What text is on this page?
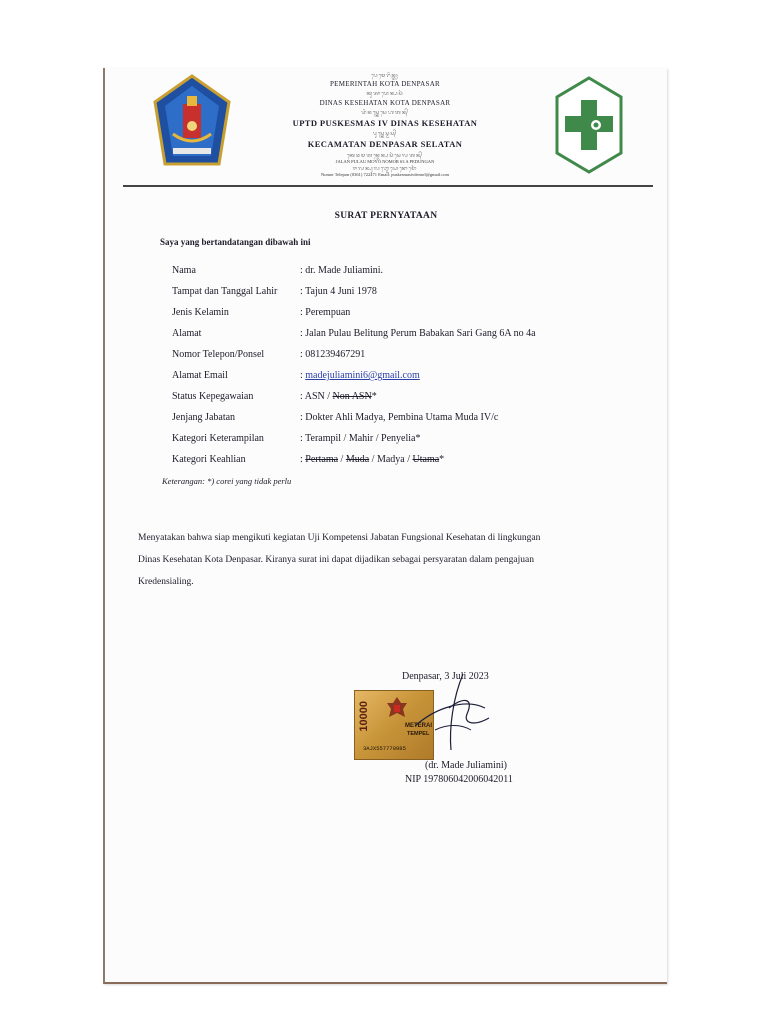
ᬧᬾᬫᬾᬭᬶᬦ᭄ᬢᬄ
PEMERINTAH KOTA DENPASAR
ᬓᬸᬢᬵᬤᬾᬦ᭄ᬧᬲᬃ
DINAS KESEHATAN KOTA DENPASAR
ᬤᬶᬦᬲ᭄ᬓᬾᬲᬾᬳᬢᬦ᭄
UPTD PUSKESMAS IV DINAS KESEHATAN
ᬧᬸᬲ᭄ᬓᬾᬲ᭄ᬫᬲ᭄
KECAMATAN DENPASAR SELATAN
ᬓᬾᬘᬫᬢᬦ᭄ᬤᬾᬦ᭄ᬧᬲᬃᬲᬾᬮᬢᬦ᭄
JALAN PULAU MOYO NOMOR 63 A PEDUNGAN
ᬚᬮᬦ᭄ᬧᬸᬮᬯ᭄ᬫᭀᬬᭀᬦᭀᬫᭀᬃ
Nomor Telepon (0361) 722471 Email: puskesmasivdensel@gmail.com
SURAT PERNYATAAN
Saya yang bertandatangan dibawah ini
Nama	: dr. Made Juliamini.
Tampat dan Tanggal Lahir : Tajun 4 Juni 1978
Jenis Kelamin	: Perempuan
Alamat	: Jalan Pulau Belitung Perum Babakan Sari Gang 6A no 4a
Nomor Telepon/Ponsel	: 081239467291
Alamat Email	: madejuliamini6@gmail.com
Status Kepegawaian	: ASN / Non ASN*
Jenjang Jabatan	: Dokter Ahli Madya, Pembina Utama Muda IV/c
Kategori Keterampilan	: Terampil / Mahir / Penyelia*
Kategori Keahlian	: Pertama / Muda / Madya / Utama*
Keterangan: *) corei yang tidak perlu
Menyatakan bahwa siap mengikuti kegiatan Uji Kompetensi Jabatan Fungsional Kesehatan di lingkungan
Dinas Kesehatan Kota Denpasar. Kiranya surat ini dapat dijadikan sebagai persyaratan dalam pengajuan
Kredensialing.
Denpasar, 3 Juli 2023
10000	METERAI
TEMPEL
3AJX557770985
(dr. Made Juliamini)
NIP 197806042006042011
